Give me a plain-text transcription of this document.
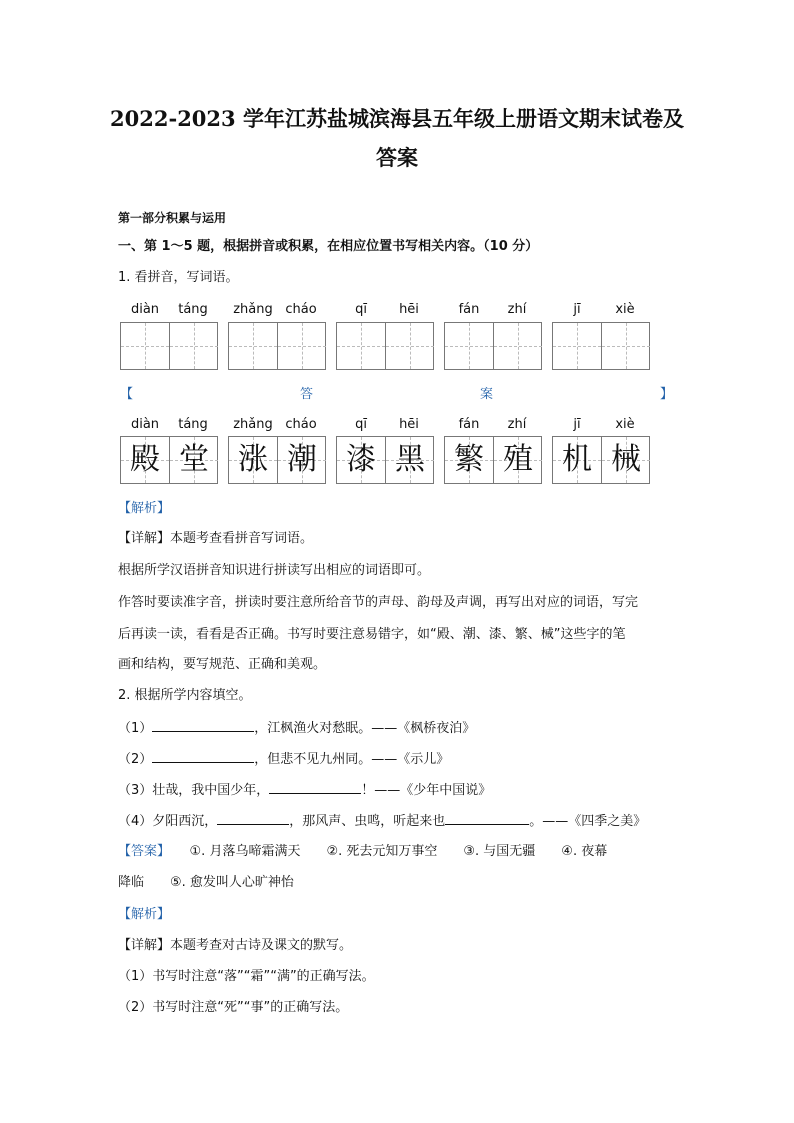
2022-2023 学年江苏盐城滨海县五年级上册语文期末试卷及
答案
第一部分积累与运用
一、第 1～5 题，根据拼音或积累，在相应位置书写相关内容。（10 分）
1. 看拼音，写词语。
diàn	táng	zhǎng cháo	qī	hēi	fán	zhí	jī	xiè
【	答	案	】
diàn	táng	zhǎng cháo	qī	hēi	fán	zhí	jī	xiè
殿 堂 涨 潮 漆 黑 繁 殖 机 械
【解析】
【详解】本题考查看拼音写词语。
根据所学汉语拼音知识进行拼读写出相应的词语即可。
作答时要读准字音，拼读时要注意所给音节的声母、韵母及声调，再写出对应的词语，写完
后再读一读，看看是否正确。书写时要注意易错字，如“殿、潮、漆、繁、械”这些字的笔
画和结构，要写规范、正确和美观。
2. 根据所学内容填空。
（1）	，江枫渔火对愁眠。——《枫桥夜泊》
（2）	，但悲不见九州同。——《示儿》
（3）壮哉，我中国少年，	！——《少年中国说》
（4）夕阳西沉，	，那风声、虫鸣，听起来也	。——《四季之美》
【答案】　　 ①. 月落乌啼霜满天　　②. 死去元知万事空　　③. 与国无疆　　④. 夜幕
降临　　⑤. 愈发叫人心旷神怡
【解析】
【详解】本题考查对古诗及课文的默写。
（1）书写时注意“落”“霜”“满”的正确写法。
（2）书写时注意“死”“事”的正确写法。
